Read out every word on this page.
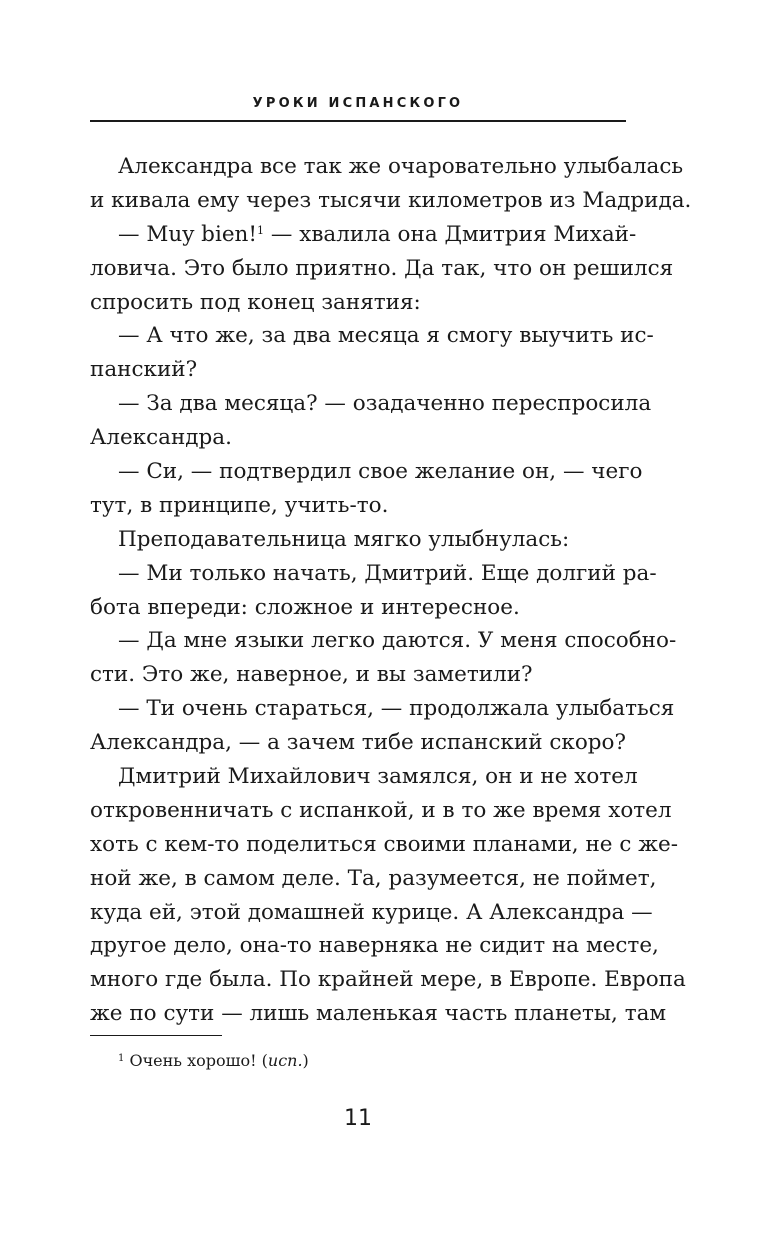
УРОКИ ИСПАНСКОГО
Александра все так же очаровательно улыбалась
и кивала ему через тысячи километров из Мадрида.
— Muy bien!$^1$ — хвалила она Дмитрия Михай-
ловича. Это было приятно. Да так, что он решился
спросить под конец занятия:
— А что же, за два месяца я смогу выучить ис-
панский?
— За два месяца? — озадаченно переспросила
Александра.
— Си, — подтвердил свое желание он, — чего
тут, в принципе, учить-то.
Преподавательница мягко улыбнулась:
— Ми только начать, Дмитрий. Еще долгий ра-
бота впереди: сложное и интересное.
— Да мне языки легко даются. У меня способно-
сти. Это же, наверное, и вы заметили?
— Ти очень стараться, — продолжала улыбаться
Александра, — а зачем тибе испанский скоро?
Дмитрий Михайлович замялся, он и не хотел
откровенничать с испанкой, и в то же время хотел
хоть с кем-то поделиться своими планами, не с же-
ной же, в самом деле. Та, разумеется, не поймет,
куда ей, этой домашней курице. А Александра —
другое дело, она-то наверняка не сидит на месте,
много где была. По крайней мере, в Европе. Европа
же по сути — лишь маленькая часть планеты, там
$^1$ Очень хорошо! (исп.)
11
